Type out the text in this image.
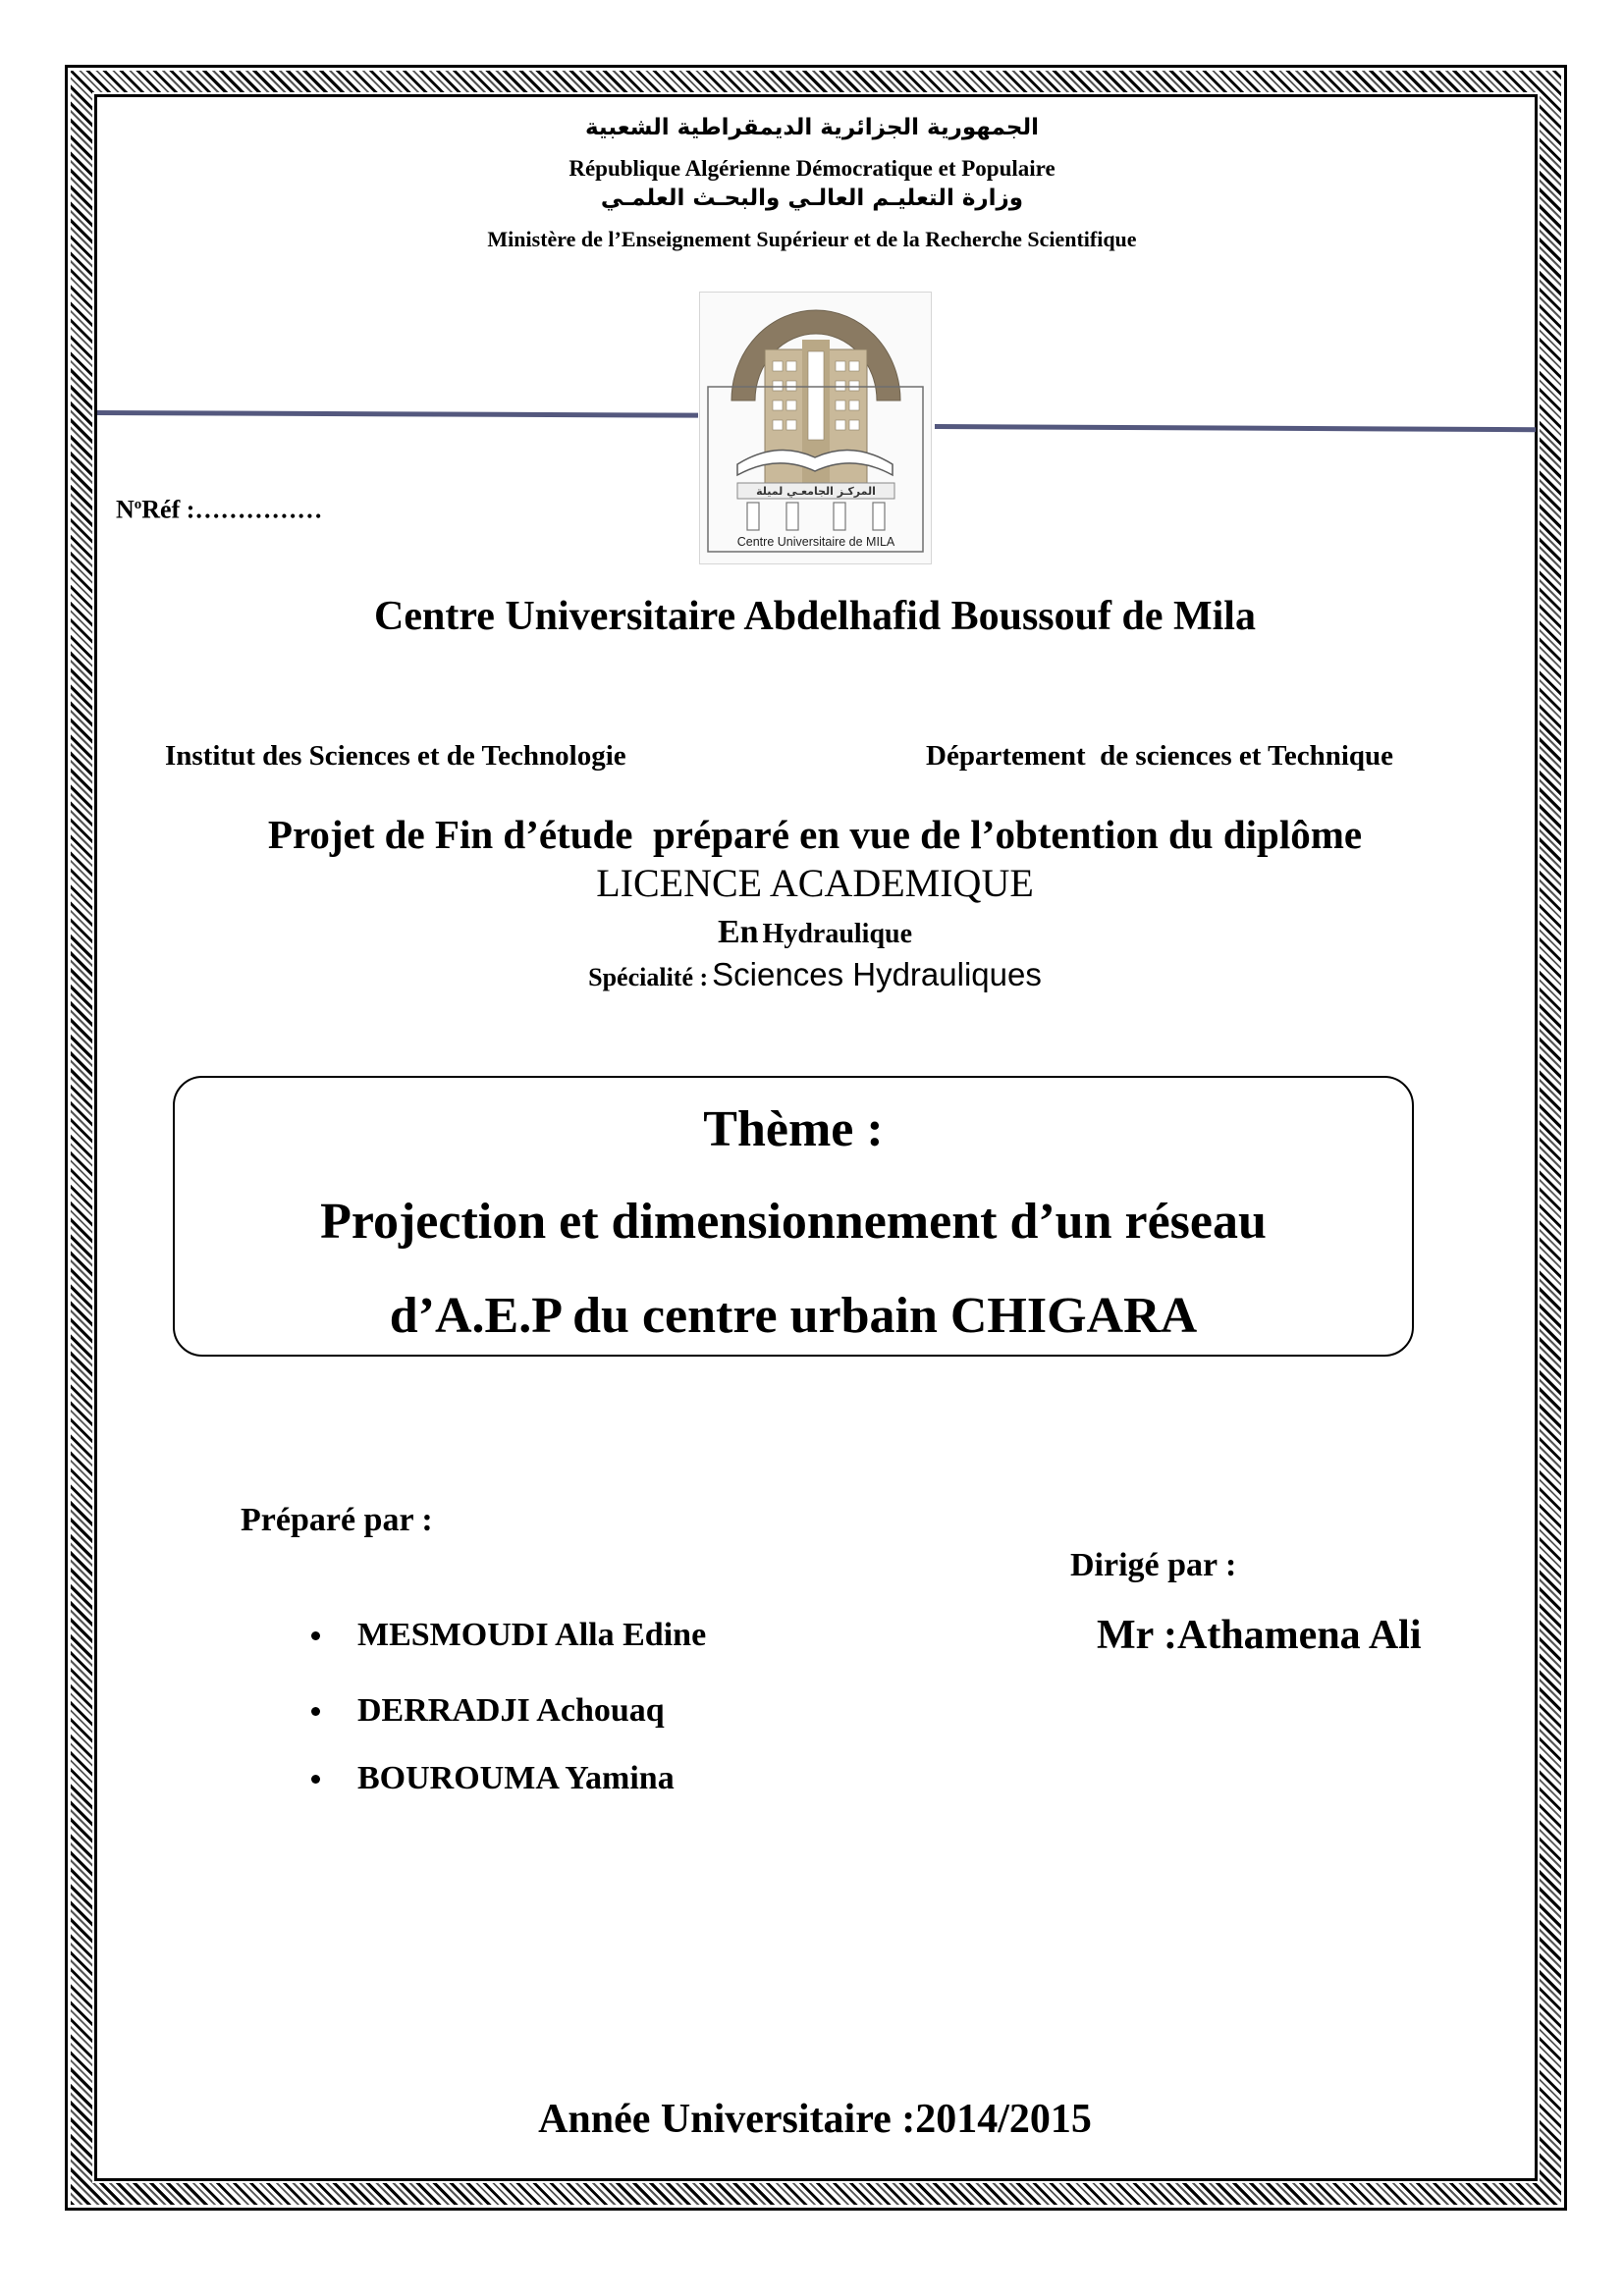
الجمهورية الجزائرية الديمقراطية الشعبية
République Algérienne Démocratique et Populaire
وزارة التعليـم العالـي والبحـث العلمـي
Ministère de l’Enseignement Supérieur et de la Recherche Scientifique
المركـز الجامعـي لميلة
Centre Universitaire de MILA
$N^oRéf$ :……………
Centre Universitaire Abdelhafid Boussouf de Mila
Institut des Sciences et de Technologie	Département  de sciences et Technique
Projet de Fin d’étude  préparé en vue de l’obtention du diplôme
LICENCE ACADEMIQUE
En Hydraulique
Spécialité : Sciences Hydrauliques
Thème :
Projection et dimensionnement d’un réseau
d’A.E.P du centre urbain CHIGARA
Préparé par :
MESMOUDI Alla Edine
DERRADJI Achouaq
BOUROUMA Yamina
Dirigé par :
Mr :Athamena Ali
Année Universitaire :2014/2015
